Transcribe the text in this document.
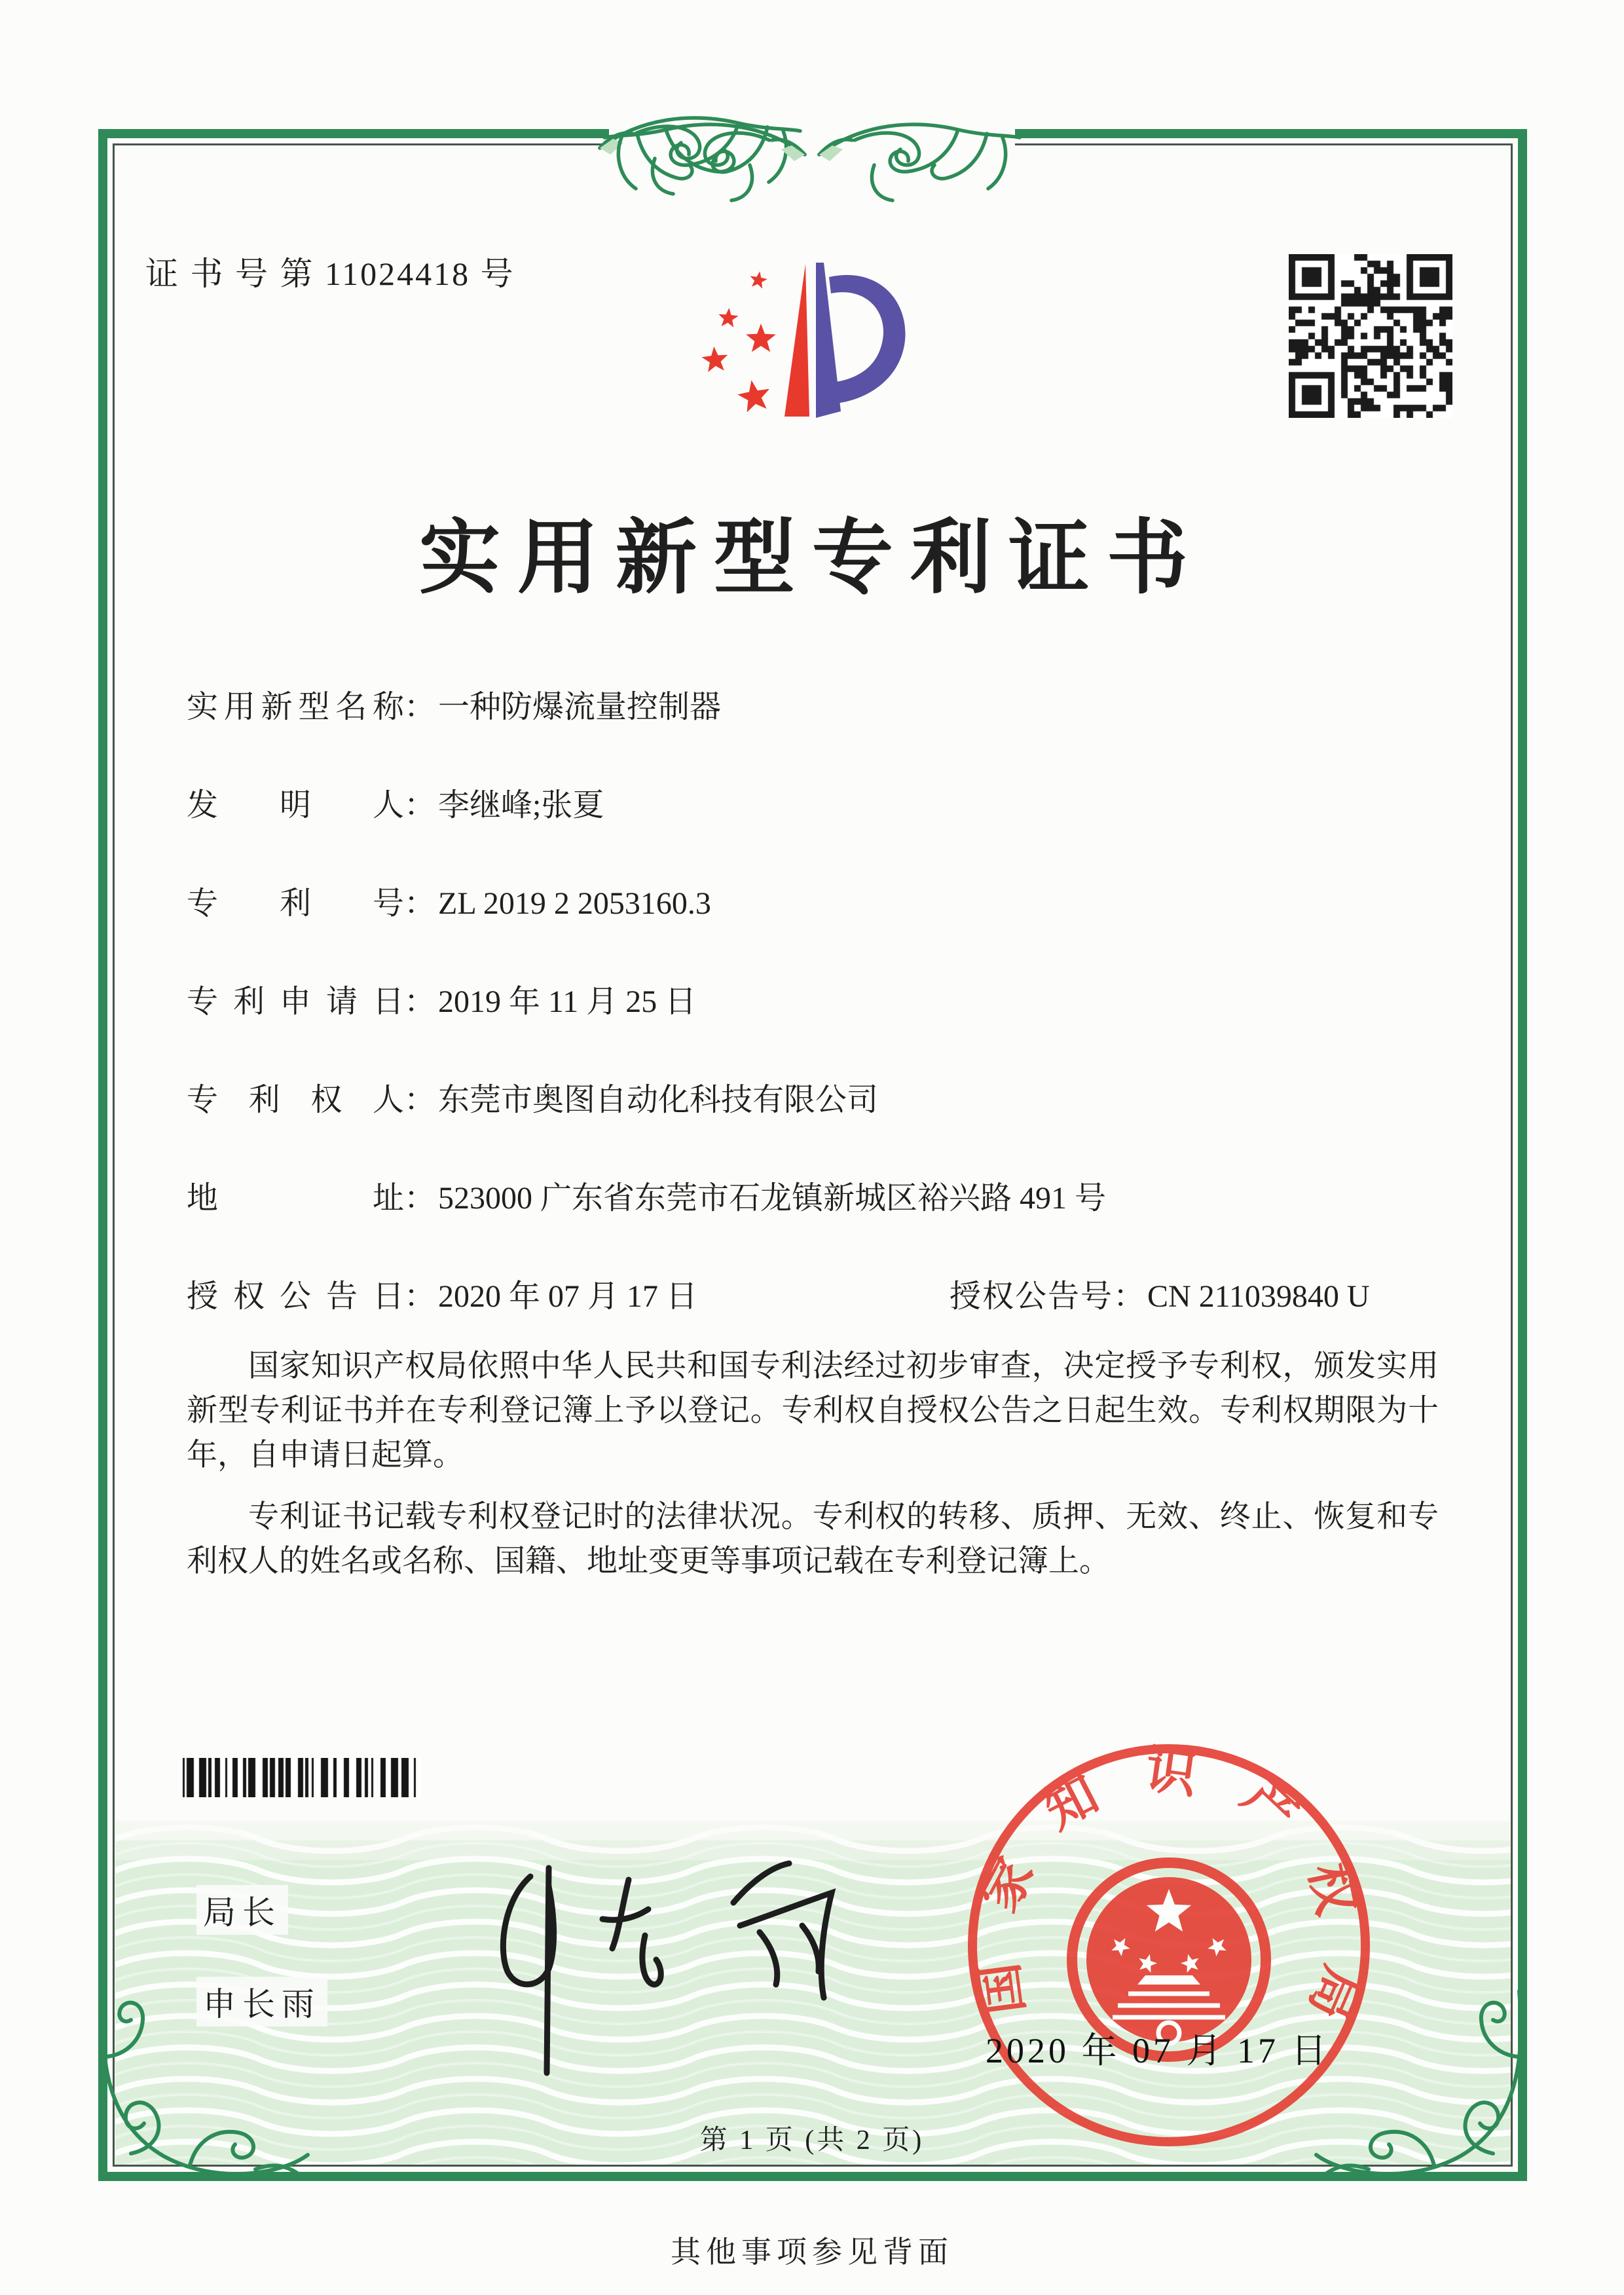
证 书 号 第 11024418 号
实用新型专利证书
实用新型名称：一种防爆流量控制器
发明人：李继峰;张夏
专利号：ZL 2019 2 2053160.3
专利申请日：2019 年 11 月 25 日
专利权人：东莞市奥图自动化科技有限公司
地址：523000 广东省东莞市石龙镇新城区裕兴路 491 号
授权公告日：2020 年 07 月 17 日	授权公告号：CN 211039840 U

国家知识产权局依照中华人民共和国专利法经过初步审查，决定授予专利权，颁发实用新型专利证书并在专利登记簿上予以登记。专利权自授权公告之日起生效。专利权期限为十年，自申请日起算。

专利证书记载专利权登记时的法律状况。专利权的转移、质押、无效、终止、恢复和专利权人的姓名或名称、国籍、地址变更等事项记载在专利登记簿上。

局长
申长雨	国家知识产权局
2020 年 07 月 17 日
第 1 页 (共 2 页)
其他事项参见背面
